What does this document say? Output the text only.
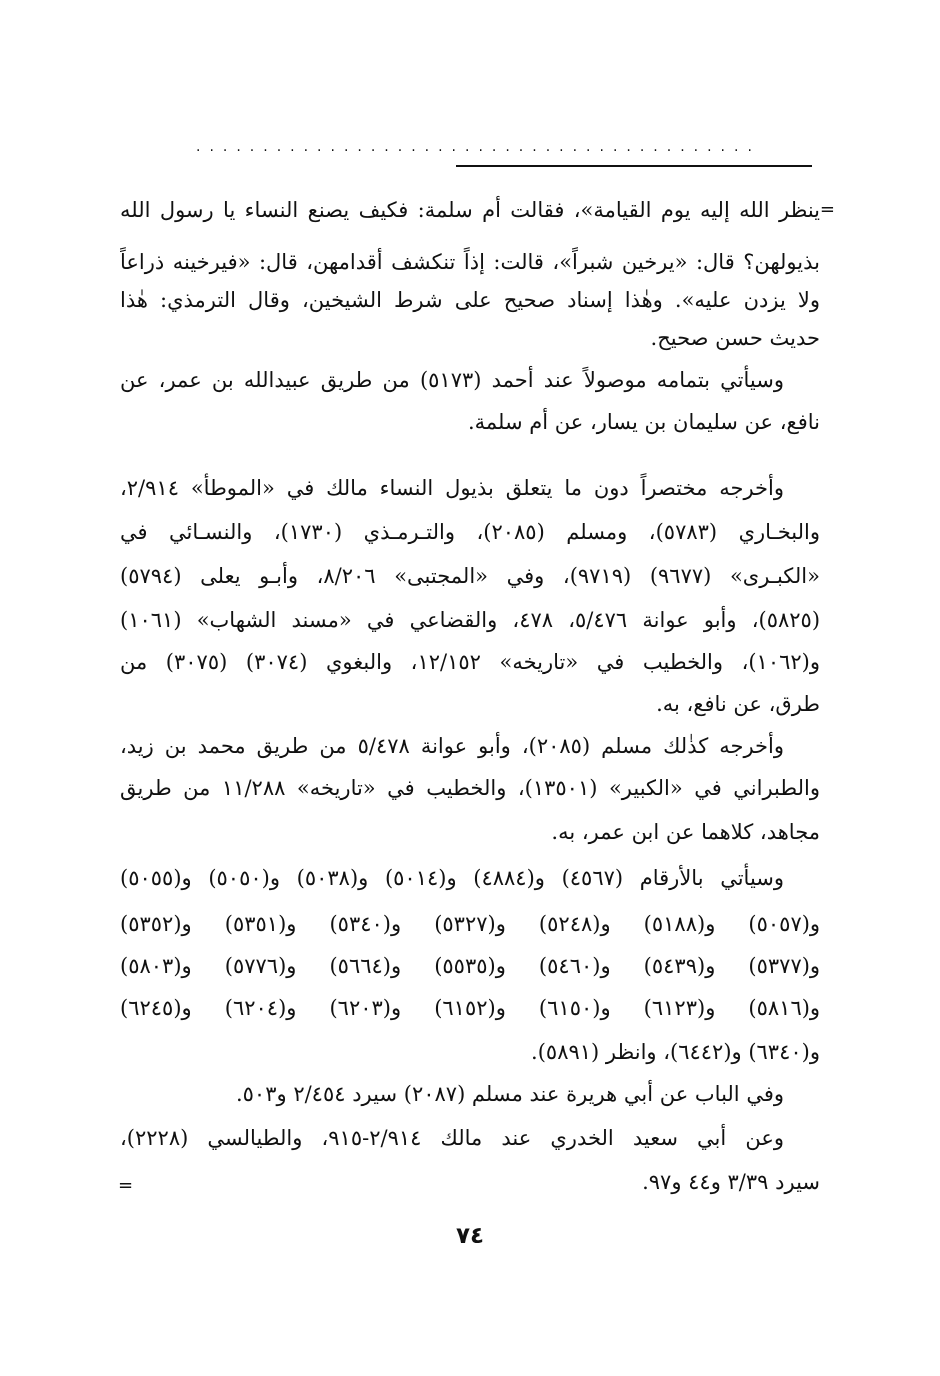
..........................................
=
ينظر الله إليه يوم القيامة»، فقالت أم سلمة: فكيف يصنع النساء يا رسول الله
بذيولهن؟ قال: «يرخين شبراً»، قالت: إذاً تنكشف أقدامهن، قال: «فيرخينه ذراعاً
ولا يزدن عليه». وهٰذا إسناد صحيح على شرط الشيخين، وقال الترمذي: هٰذا
حديث حسن صحيح.
وسيأتي بتمامه موصولاً عند أحمد (٥١٧٣) من طريق عبيدالله بن عمر، عن
نافع، عن سليمان بن يسار، عن أم سلمة.
وأخرجه مختصراً دون ما يتعلق بذيول النساء مالك في «الموطأ» ٢/٩١٤،
والبخـاري (٥٧٨٣)، ومسلم (٢٠٨٥)، والتـرمـذي (١٧٣٠)، والنسـائي في
«الكبـرى» (٩٦٧٧) (٩٧١٩)، وفي «المجتبى» ٨/٢٠٦، وأبـو يعلى (٥٧٩٤)
(٥٨٢٥)، وأبو عوانة ٥/٤٧٦، ٤٧٨، والقضاعي في «مسند الشهاب» (١٠٦١)
و(١٠٦٢)، والخطيب في «تاريخه» ١٢/١٥٢، والبغوي (٣٠٧٤) (٣٠٧٥) من
طرق، عن نافع، به.
وأخرجه كذٰلك مسلم (٢٠٨٥)، وأبو عوانة ٥/٤٧٨ من طريق محمد بن زيد،
والطبراني في «الكبير» (١٣٥٠١)، والخطيب في «تاريخه» ١١/٢٨٨ من طريق
مجاهد، كلاهما عن ابن عمر، به.
وسيأتي بالأرقام (٤٥٦٧) و(٤٨٨٤) و(٥٠١٤) و(٥٠٣٨) و(٥٠٥٠) و(٥٠٥٥)
و(٥٠٥٧) و(٥١٨٨) و(٥٢٤٨) و(٥٣٢٧) و(٥٣٤٠) و(٥٣٥١) و(٥٣٥٢)
و(٥٣٧٧) و(٥٤٣٩) و(٥٤٦٠) و(٥٥٣٥) و(٥٦٦٤) و(٥٧٧٦) و(٥٨٠٣)
و(٥٨١٦) و(٦١٢٣) و(٦١٥٠) و(٦١٥٢) و(٦٢٠٣) و(٦٢٠٤) و(٦٢٤٥)
و(٦٣٤٠) و(٦٤٤٢)، وانظر (٥٨٩١).
وفي الباب عن أبي هريرة عند مسلم (٢٠٨٧) سيرد ٢/٤٥٤ و٥٠٣.
وعن أبي سعيد الخدري عند مالك ٢/٩١٤-٩١٥، والطيالسي (٢٢٢٨)،
سيرد ٣/٣٩ و٤٤ و٩٧.
=
٧٤
